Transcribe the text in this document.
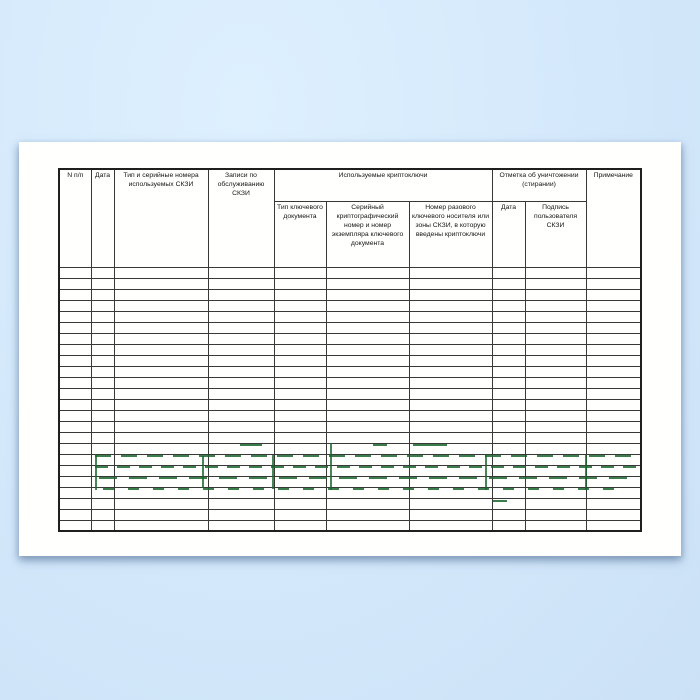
N п/п	Дата	Тип и серийные номера используемых СКЗИ	Записи по обслуживанию СКЗИ	Используемые криптоключи			Отметка об уничтожении (стирании)		Примечание
				Тип ключевого документа	Серийный криптографический номер и номер экземпляра ключевого документа	Номер разового ключевого носителя или зоны СКЗИ, в которую введены криптоключи	Дата	Подпись пользователя СКЗИ	
